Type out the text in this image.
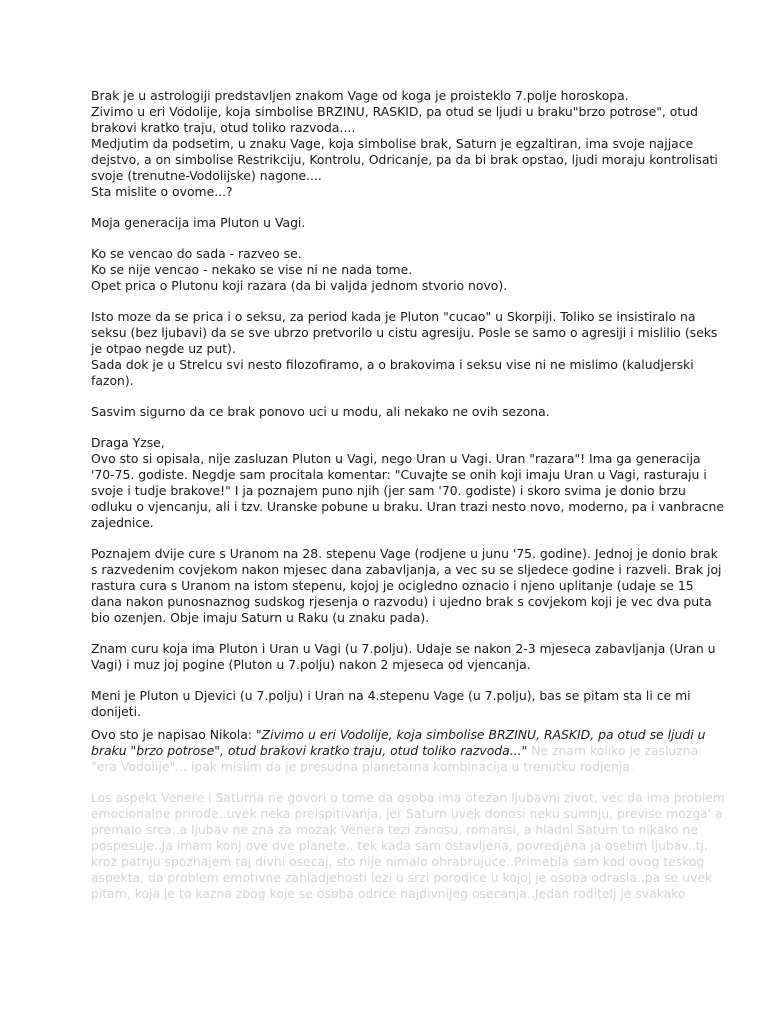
Brak je u astrologiji predstavljen znakom Vage od koga je proisteklo 7.polje horoskopa.
Zivimo u eri Vodolije, koja simbolise BRZINU, RASKID, pa otud se ljudi u braku"brzo potrose", otud
brakovi kratko traju, otud toliko razvoda....
Medjutim da podsetim, u znaku Vage, koja simbolise brak, Saturn je egzaltiran, ima svoje najjace
dejstvo, a on simbolise Restrikciju, Kontrolu, Odricanje, pa da bi brak opstao, ljudi moraju kontrolisati
svoje (trenutne-Vodolijske) nagone....
Sta mislite o ovome...?

Moja generacija ima Pluton u Vagi.

Ko se vencao do sada - razveo se.
Ko se nije vencao - nekako se vise ni ne nada tome.
Opet prica o Plutonu koji razara (da bi valjda jednom stvorio novo).

Isto moze da se prica i o seksu, za period kada je Pluton "cucao" u Skorpiji. Toliko se insistiralo na
seksu (bez ljubavi) da se sve ubrzo pretvorilo u cistu agresiju. Posle se samo o agresiji i mislilio (seks
je otpao negde uz put).
Sada dok je u Strelcu svi nesto filozofiramo, a o brakovima i seksu vise ni ne mislimo (kaludjerski
fazon).

Sasvim sigurno da ce brak ponovo uci u modu, ali nekako ne ovih sezona.

Draga Yzse,
Ovo sto si opisala, nije zasluzan Pluton u Vagi, nego Uran u Vagi. Uran "razara"! Ima ga generacija
'70-75. godiste. Negdje sam procitala komentar: "Cuvajte se onih koji imaju Uran u Vagi, rasturaju i
svoje i tudje brakove!" I ja poznajem puno njih (jer sam '70. godiste) i skoro svima je donio brzu
odluku o vjencanju, ali i tzv. Uranske pobune u braku. Uran trazi nesto novo, moderno, pa i vanbracne
zajednice.

Poznajem dvije cure s Uranom na 28. stepenu Vage (rodjene u junu '75. godine). Jednoj je donio brak
s razvedenim covjekom nakon mjesec dana zabavljanja, a vec su se sljedece godine i razveli. Brak joj
rastura cura s Uranom na istom stepenu, kojoj je ocigledno oznacio i njeno uplitanje (udaje se 15
dana nakon punosnaznog sudskog rjesenja o razvodu) i ujedno brak s covjekom koji je vec dva puta
bio ozenjen. Obje imaju Saturn u Raku (u znaku pada).

Znam curu koja ima Pluton i Uran u Vagi (u 7.polju). Udaje se nakon 2-3 mjeseca zabavljanja (Uran u
Vagi) i muz joj pogine (Pluton u 7.polju) nakon 2 mjeseca od vjencanja.

Meni je Pluton u Djevici (u 7.polju) i Uran na 4.stepenu Vage (u 7.polju), bas se pitam sta li ce mi
donijeti.

Ovo sto je napisao Nikola: "Zivimo u eri Vodolije, koja simbolise BRZINU, RASKID, pa otud se ljudi u
braku "brzo potrose", otud brakovi kratko traju, otud toliko razvoda..." Ne znam koliko je zasluzna
"era Vodolije"... ipak mislim da je presudna planetarna kombinacija u trenutku rodjenja.

Los aspekt Venere i Saturna ne govori o tome da osoba ima otezan ljubavni zivot, vec da ima problem
emocionalne prirode..uvek neka preispitivanja, jer Saturn uvek donosi neku sumnju, previse mozga' a
premalo srca..a ljubav ne zna za mozak Venera tezi zanosu, romansi, a hladni Saturn to nikako ne
pospesuje..Ja imam konj ove dve planete.. tek kada sam ostavljena, povredjena ja osetim ljubav..tj.
kroz patnju spoznajem taj divni osecaj, sto nije nimalo ohrabrujuce..Primetila sam kod ovog teskog
aspekta, da problem emotivne zahladjenosti lezi u srzi porodice u kojoj je osoba odrasla..pa se uvek
pitam, koja je to kazna zbog koje se osoba odrice najdivnijeg osecanja..Jedan roditelj je svakako
